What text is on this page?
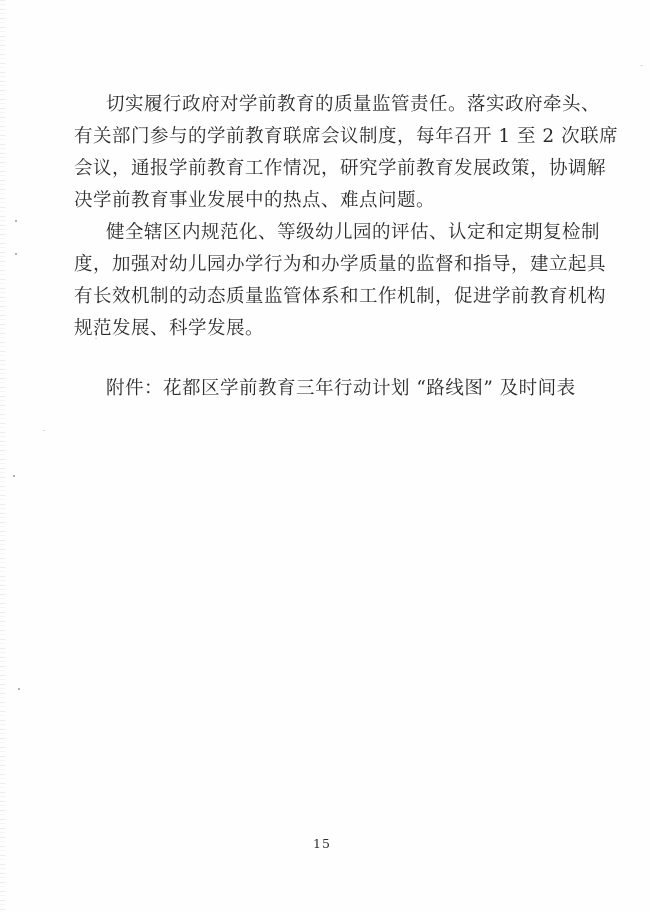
切实履行政府对学前教育的质量监管责任。落实政府牵头、
有关部门参与的学前教育联席会议制度，每年召开 1 至 2 次联席
会议，通报学前教育工作情况，研究学前教育发展政策，协调解
决学前教育事业发展中的热点、难点问题。
健全辖区内规范化、等级幼儿园的评估、认定和定期复检制
度，加强对幼儿园办学行为和办学质量的监督和指导，建立起具
有长效机制的动态质量监管体系和工作机制，促进学前教育机构
规范发展、科学发展。
附件：花都区学前教育三年行动计划 “路线图” 及时间表
15
